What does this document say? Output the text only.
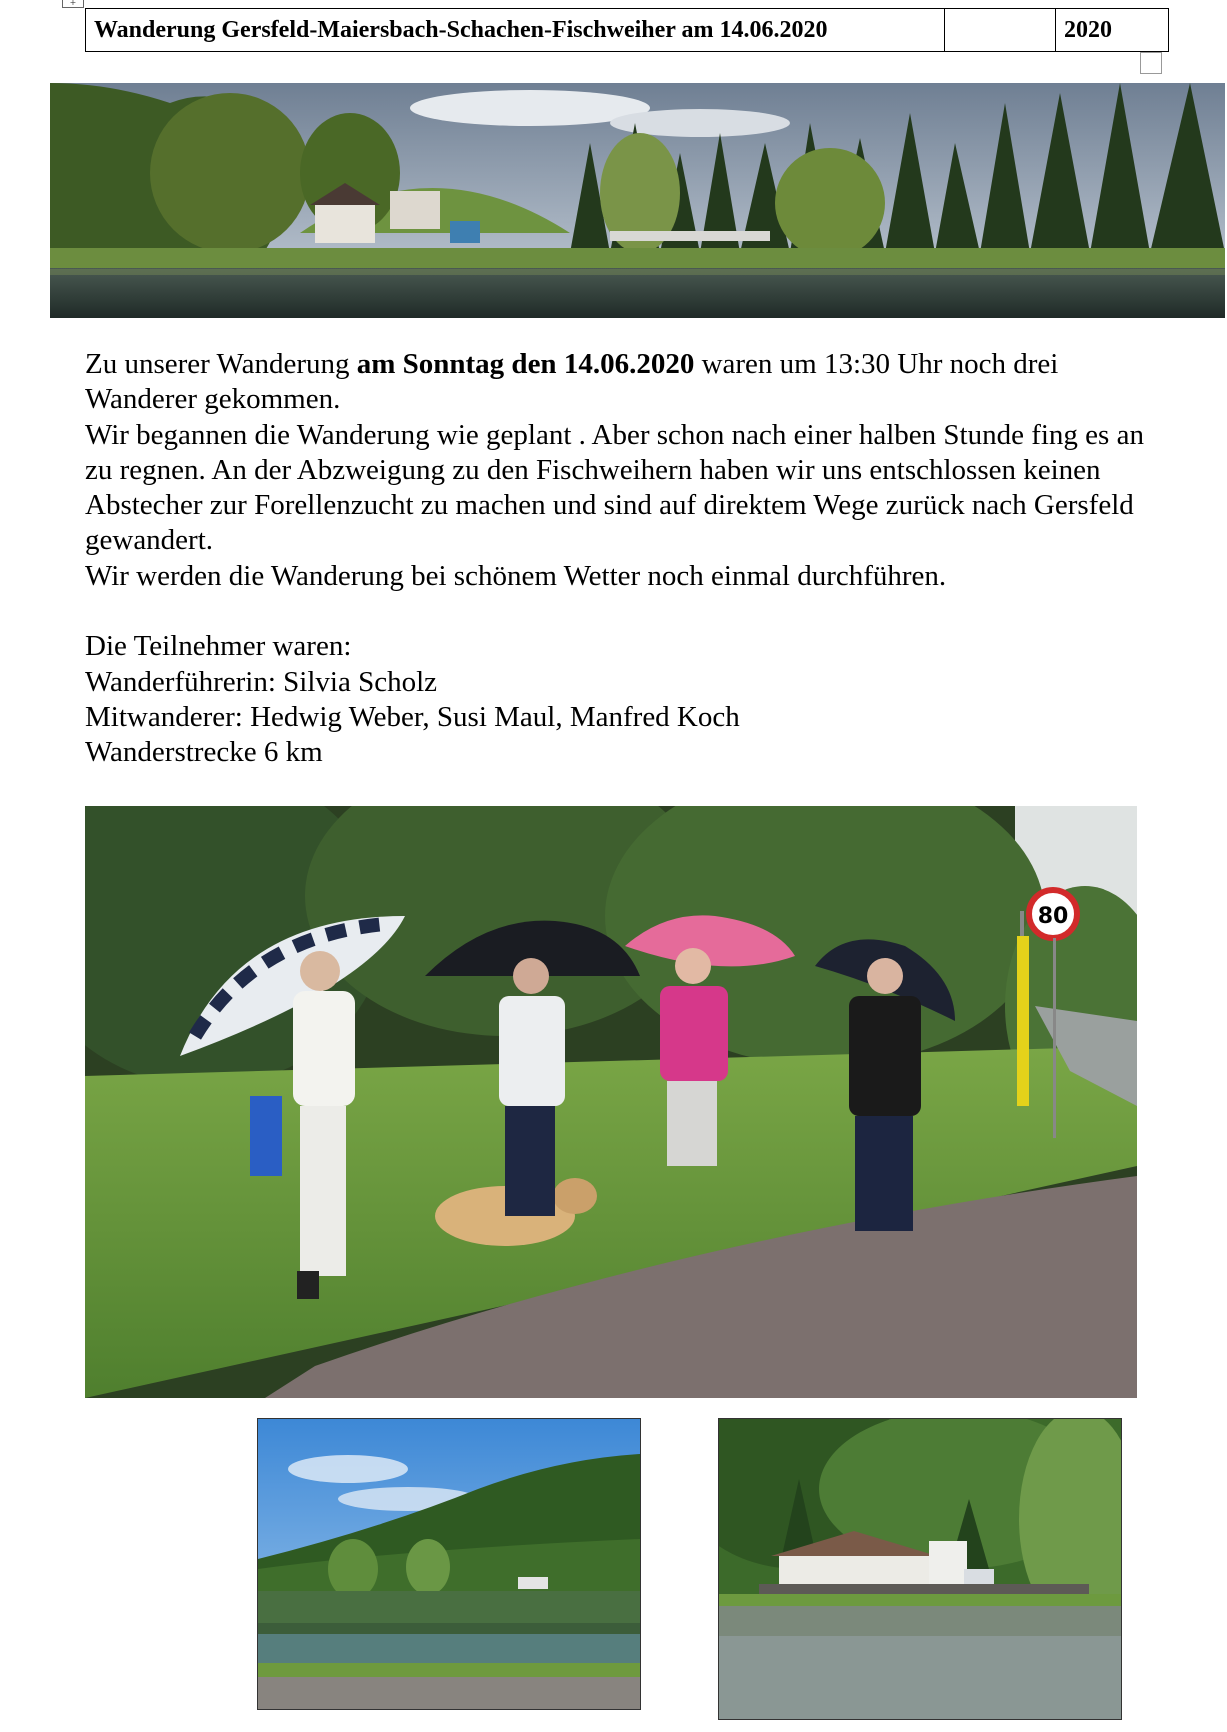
+
Wanderung Gersfeld-Maiersbach-Schachen-Fischweiher am 14.06.2020		2020

Zu unserer Wanderung am Sonntag den 14.06.2020 waren um 13:30 Uhr noch drei Wanderer gekommen.

Wir begannen die Wanderung wie geplant . Aber schon nach einer halben Stunde fing es an zu regnen. An der Abzweigung zu den Fischweihern haben wir uns entschlossen keinen Abstecher zur Forellenzucht zu machen und sind auf direktem Wege zurück nach Gersfeld gewandert.

Wir werden die Wanderung bei schönem Wetter noch einmal durchführen.

Die Teilnehmer waren:

Wanderführerin: Silvia Scholz

Mitwanderer: Hedwig Weber, Susi Maul, Manfred Koch

Wanderstrecke 6 km

80
